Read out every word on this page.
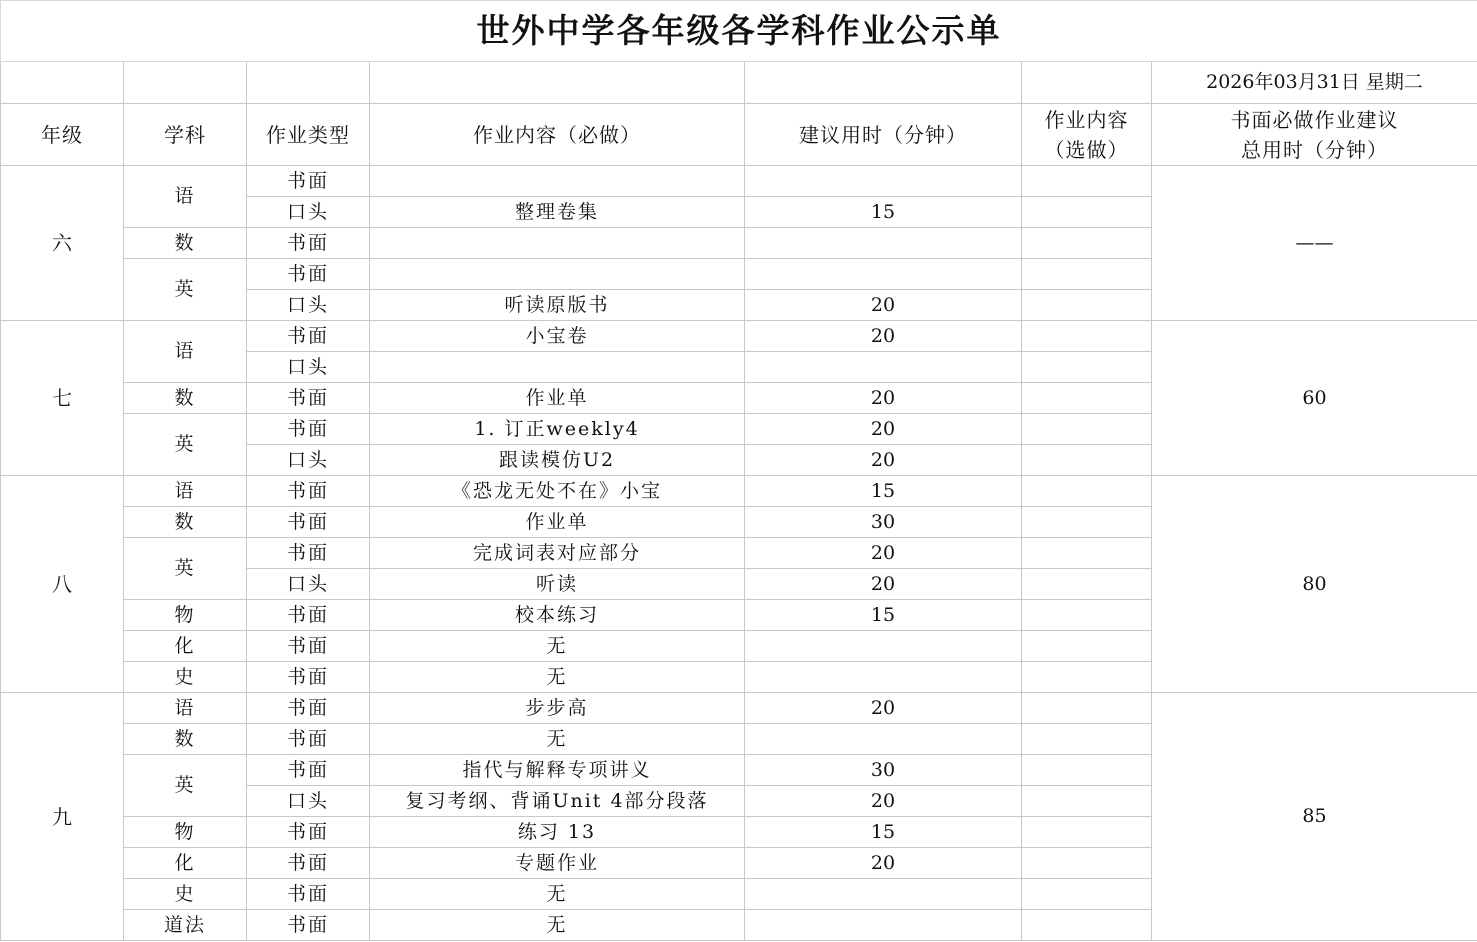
世外中学各年级各学科作业公示单						
						2026年03月31日 星期二
年级	学科	作业类型	作业内容（必做）	建议用时（分钟）	作业内容（选做）	书面必做作业建议总用时（分钟）
六	语	书面				——
		口头	整理卷集	15		
	数	书面				
	英	书面				
		口头	听读原版书	20		
七	语	书面	小宝卷	20		60
		口头				
	数	书面	作业单	20		
	英	书面	1. 订正weekly4	20		
		口头	跟读模仿U2	20		
八	语	书面	《恐龙无处不在》小宝	15		80
	数	书面	作业单	30		
	英	书面	完成词表对应部分	20		
		口头	听读	20		
	物	书面	校本练习	15		
	化	书面	无			
	史	书面	无			
九	语	书面	步步高	20		85
	数	书面	无			
	英	书面	指代与解释专项讲义	30		
		口头	复习考纲、背诵Unit 4部分段落	20		
	物	书面	练习 13	15		
	化	书面	专题作业	20		
	史	书面	无			
	道法	书面	无			
